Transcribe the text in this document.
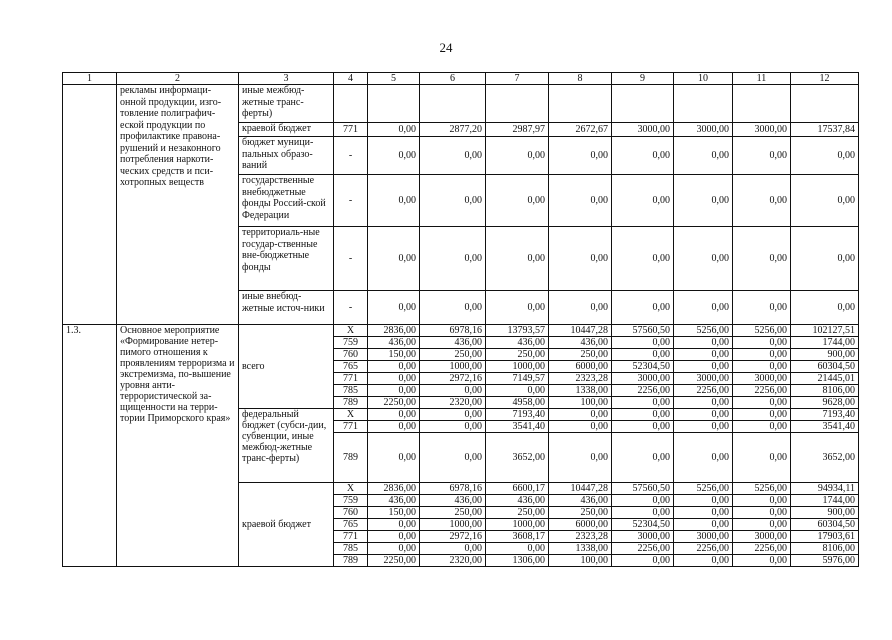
24
1	2	3	4	5	6	7	8	9	10	11	12
	рекламы информаци-онной продукции, изго-товление полиграфич-еской продукции по профилактике правона-рушений и незаконного потребления наркоти-ческих средств и пси-хотропных веществ	иные межбюд-жетные транс-ферты)									
		краевой бюджет	771	0,00	2877,20	2987,97	2672,67	3000,00	3000,00	3000,00	17537,84
		бюджет муници-пальных образо-ваний	-	0,00	0,00	0,00	0,00	0,00	0,00	0,00	0,00
		государственные внебюджетные фонды Россий-ской Федерации	-	0,00	0,00	0,00	0,00	0,00	0,00	0,00	0,00
		территориаль-ные государ-ственные вне-бюджетные фонды	-	0,00	0,00	0,00	0,00	0,00	0,00	0,00	0,00
		иные внебюд-жетные источ-ники	-	0,00	0,00	0,00	0,00	0,00	0,00	0,00	0,00
1.3.	Основное мероприятие «Формирование нетер-пимого отношения к проявлениям терроризма и экстремизма, по-вышение уровня анти-террористической за-щищенности на терри-тории Приморского края»	всего	X	2836,00	6978,16	13793,57	10447,28	57560,50	5256,00	5256,00	102127,51
			759	436,00	436,00	436,00	436,00	0,00	0,00	0,00	1744,00
			760	150,00	250,00	250,00	250,00	0,00	0,00	0,00	900,00
			765	0,00	1000,00	1000,00	6000,00	52304,50	0,00	0,00	60304,50
			771	0,00	2972,16	7149,57	2323,28	3000,00	3000,00	3000,00	21445,01
			785	0,00	0,00	0,00	1338,00	2256,00	2256,00	2256,00	8106,00
			789	2250,00	2320,00	4958,00	100,00	0,00	0,00	0,00	9628,00
		федеральный бюджет (субси-дии, субвенции, иные межбюд-жетные транс-ферты)	X	0,00	0,00	7193,40	0,00	0,00	0,00	0,00	7193,40
			771	0,00	0,00	3541,40	0,00	0,00	0,00	0,00	3541,40
			789	0,00	0,00	3652,00	0,00	0,00	0,00	0,00	3652,00
		краевой бюджет	X	2836,00	6978,16	6600,17	10447,28	57560,50	5256,00	5256,00	94934,11
			759	436,00	436,00	436,00	436,00	0,00	0,00	0,00	1744,00
			760	150,00	250,00	250,00	250,00	0,00	0,00	0,00	900,00
			765	0,00	1000,00	1000,00	6000,00	52304,50	0,00	0,00	60304,50
			771	0,00	2972,16	3608,17	2323,28	3000,00	3000,00	3000,00	17903,61
			785	0,00	0,00	0,00	1338,00	2256,00	2256,00	2256,00	8106,00
			789	2250,00	2320,00	1306,00	100,00	0,00	0,00	0,00	5976,00
